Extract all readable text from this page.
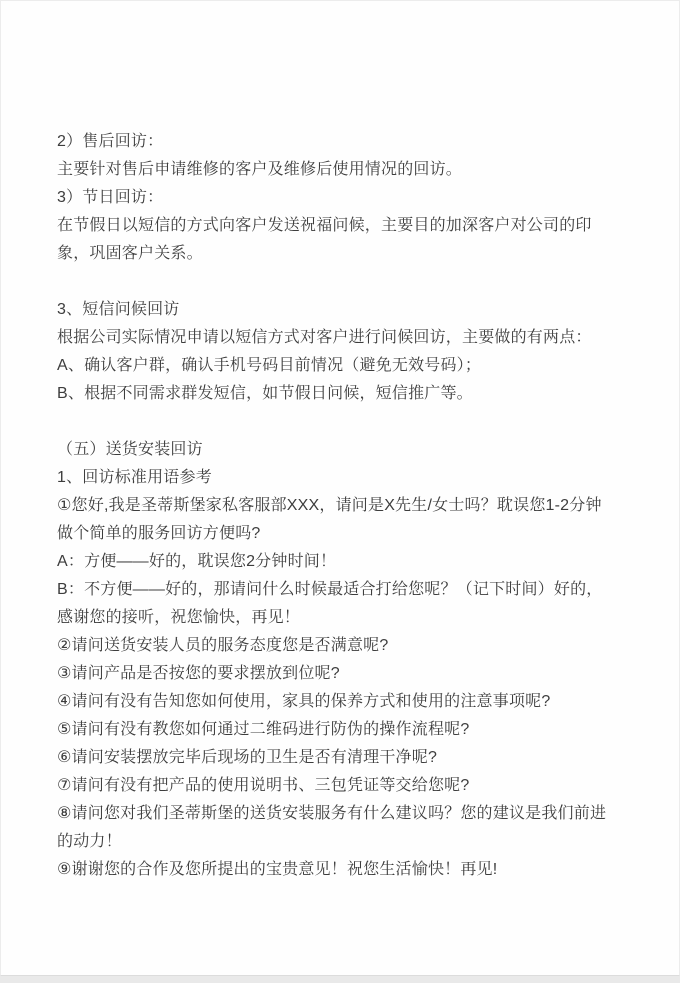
2）售后回访：

主要针对售后申请维修的客户及维修后使用情况的回访。

3）节日回访：

在节假日以短信的方式向客户发送祝福问候，主要目的加深客户对公司的印象，巩固客户关系。

3、短信问候回访

根据公司实际情况申请以短信方式对客户进行问候回访，主要做的有两点：

A、确认客户群，确认手机号码目前情况（避免无效号码）；

B、根据不同需求群发短信，如节假日问候，短信推广等。

（五）送货安装回访

1、回访标准用语参考

①您好,我是圣蒂斯堡家私客服部XXX，请问是X先生/女士吗？耽误您1-2分钟做个简单的服务回访方便吗?

A：方便——好的，耽误您2分钟时间！

B：不方便——好的，那请问什么时候最适合打给您呢？（记下时间）好的，感谢您的接听，祝您愉快，再见！

②请问送货安装人员的服务态度您是否满意呢?

③请问产品是否按您的要求摆放到位呢?

④请问有没有告知您如何使用，家具的保养方式和使用的注意事项呢?

⑤请问有没有教您如何通过二维码进行防伪的操作流程呢?

⑥请问安装摆放完毕后现场的卫生是否有清理干净呢?

⑦请问有没有把产品的使用说明书、三包凭证等交给您呢?

⑧请问您对我们圣蒂斯堡的送货安装服务有什么建议吗？您的建议是我们前进的动力！

⑨谢谢您的合作及您所提出的宝贵意见！祝您生活愉快！再见!
